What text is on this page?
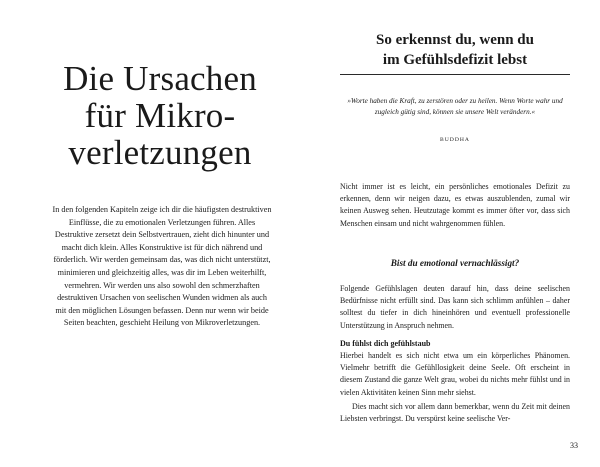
Die Ursachen
für Mikro-
verletzungen

In den folgenden Kapiteln zeige ich dir die häufigsten destruktiven Einflüsse, die zu emotionalen Verletzungen führen. Alles Destruktive zersetzt dein Selbstvertrauen, zieht dich hinunter und macht dich klein. Alles Konstruktive ist für dich nährend und förderlich. Wir werden gemeinsam das, was dich nicht unterstützt, minimieren und gleichzeitig alles, was dir im Leben weiterhilft, vermehren. Wir werden uns also sowohl den schmerzhaften destruktiven Ursachen von seelischen Wunden widmen als auch mit den möglichen Lösungen befassen. Denn nur wenn wir beide Seiten beachten, geschieht Heilung von Mikroverletzungen.

So erkennst du, wenn du
im Gefühlsdefizit lebst

»Worte haben die Kraft, zu zerstören oder zu heilen. Wenn Worte wahr und zugleich gütig sind, können sie unsere Welt verändern.«

BUDDHA

Nicht immer ist es leicht, ein persönliches emotionales Defizit zu erkennen, denn wir neigen dazu, es etwas auszublenden, zumal wir keinen Ausweg sehen. Heutzutage kommt es immer öfter vor, dass sich Menschen einsam und nicht wahrgenommen fühlen.

Bist du emotional vernachlässigt?

Folgende Gefühlslagen deuten darauf hin, dass deine seelischen Bedürfnisse nicht erfüllt sind. Das kann sich schlimm anfühlen – daher solltest du tiefer in dich hineinhören und eventuell professionelle Unterstützung in Anspruch nehmen.

Du fühlst dich gefühlstaub

Hierbei handelt es sich nicht etwa um ein körperliches Phänomen. Vielmehr betrifft die Gefühllosigkeit deine Seele. Oft erscheint in diesem Zustand die ganze Welt grau, wobei du nichts mehr fühlst und in vielen Aktivitäten keinen Sinn mehr siehst.

Dies macht sich vor allem dann bemerkbar, wenn du Zeit mit deinen Liebsten verbringst. Du verspürst keine seelische Ver-

33
